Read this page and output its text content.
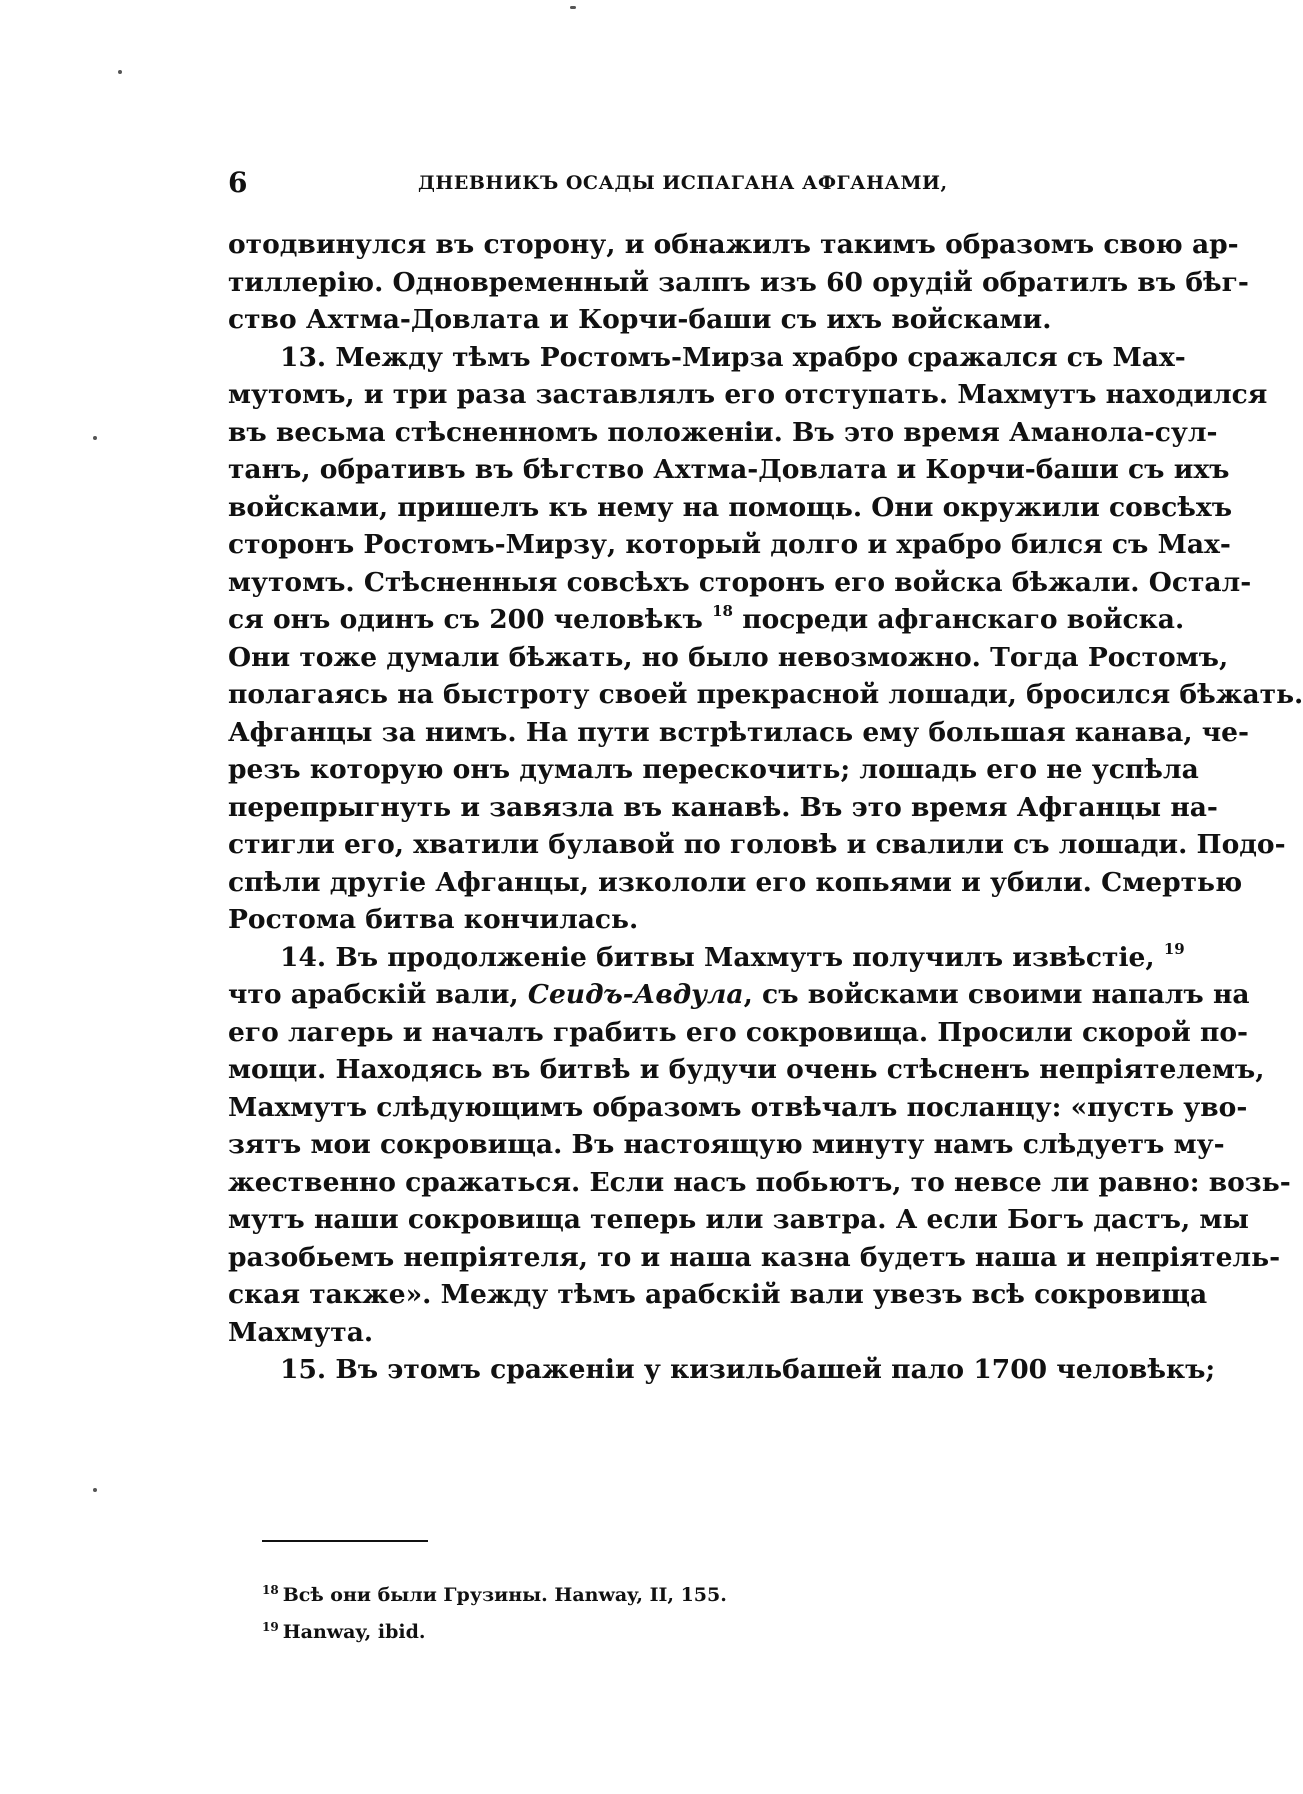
6	ДНЕВНИКЪ ОСАДЫ ИСПАГАНА АФГАНАМИ,

отодвинулся въ сторону, и обнажилъ такимъ образомъ свою ар-
тиллерію. Одновременный залпъ изъ 60 орудій обратилъ въ бѣг-
ство Ахтма-Довлата и Корчи-баши съ ихъ войсками.

13. Между тѣмъ Ростомъ-Мирза храбро сражался съ Мах-
мутомъ, и три раза заставлялъ его отступать. Махмутъ находился
въ весьма стѣсненномъ положеніи. Въ это время Аманола-сул-
танъ, обративъ въ бѣгство Ахтма-Довлата и Корчи-баши съ ихъ
войсками, пришелъ къ нему на помощь. Они окружили совсѣхъ
сторонъ Ростомъ-Мирзу, который долго и храбро бился съ Мах-
мутомъ. Стѣсненныя совсѣхъ сторонъ его войска бѣжали. Остал-
ся онъ одинъ съ 200 человѣкъ $^{18}$ посреди афганскаго войска.
Они тоже думали бѣжать, но было невозможно. Тогда Ростомъ,
полагаясь на быстроту своей прекрасной лошади, бросился бѣжать.
Афганцы за нимъ. На пути встрѣтилась ему большая канава, че-
резъ которую онъ думалъ перескочить; лошадь его не успѣла
перепрыгнуть и завязла въ канавѣ. Въ это время Афганцы на-
стигли его, хватили булавой по головѣ и свалили съ лошади. Подо-
спѣли другіе Афганцы, изкололи его копьями и убили. Смертью
Ростома битва кончилась.

14. Въ продолженіе битвы Махмутъ получилъ извѣстіе, $^{19}$
что арабскій вали, Сеидъ-Авдула, съ войсками своими напалъ на
его лагерь и началъ грабить его сокровища. Просили скорой по-
мощи. Находясь въ битвѣ и будучи очень стѣсненъ непріятелемъ,
Махмутъ слѣдующимъ образомъ отвѣчалъ посланцу: «пусть уво-
зятъ мои сокровища. Въ настоящую минуту намъ слѣдуетъ му-
жественно сражаться. Если насъ побьютъ, то невсе ли равно: возь-
мутъ наши сокровища теперь или завтра. А если Богъ дастъ, мы
разобьемъ непріятеля, то и наша казна будетъ наша и непріятель-
ская также». Между тѣмъ арабскій вали увезъ всѣ сокровища
Махмута.

15. Въ этомъ сраженіи у кизильбашей пало 1700 человѣкъ;

$^{18}$ Всѣ они были Грузины. Hanway, II, 155.
$^{19}$ Hanway, ibid.
